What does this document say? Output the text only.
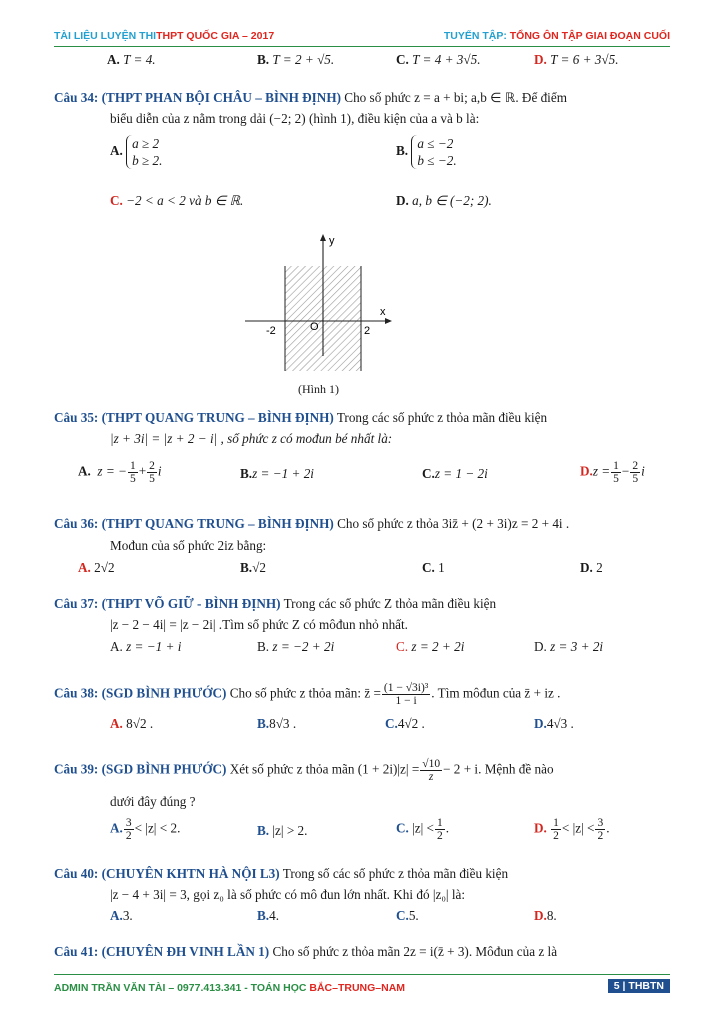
TÀI LIỆU LUYỆN THITHPT QUỐC GIA – 2017	TUYỂN TẬP: TỔNG ÔN TẬP GIAI ĐOẠN CUỐI
A. T = 4.	B. T = 2 + √5.	C. T = 4 + 3√5.	D. T = 6 + 3√5.
Câu 34: (THPT PHAN BỘI CHÂU – BÌNH ĐỊNH) Cho số phức z = a + bi; a,b ∈ ℝ. Để điểm
biểu diễn của z nằm trong dải (−2; 2) (hình 1), điều kiện của a và b là:
A. a ≥ 2
b ≥ 2.
B. a ≤ −2
b ≤ −2.
C. −2 < a < 2 và b ∈ ℝ.	D. a, b ∈ (−2; 2).
y
x
-2	O	2
(Hình 1)
Câu 35: (THPT QUANG TRUNG – BÌNH ĐỊNH) Trong các số phức z thỏa mãn điều kiện
|z + 3i| = |z + 2 − i| , số phức z có mođun bé nhất là:
A. z = − $\frac{1}{5} + \frac{2}{5}$ i	B.z = −1 + 2i	C.z = 1 − 2i	$D.z = \frac{1}{5} - \frac{2}{5}$ i
Câu 36: (THPT QUANG TRUNG – BÌNH ĐỊNH) Cho số phức z thỏa 3iz̄ + (2 + 3i)z = 2 + 4i .
Mođun của số phức 2iz bằng:
A. 2√2	B.√2	C. 1	D. 2
Câu 37: (THPT VÕ GIỮ - BÌNH ĐỊNH) Trong các số phức Z thỏa mãn điều kiện
|z − 2 − 4i| = |z − 2i| .Tìm số phức Z có môđun nhỏ nhất.
A. z = −1 + i	B. z = −2 + 2i	C. z = 2 + 2i	D. z = 3 + 2i
Câu 38: (SGD BÌNH PHƯỚC) Cho số phức z thỏa mãn: z̄ = $\frac{\text{(1 − √3i)³}}{1 - i}$ . Tìm môđun của z̄ + iz .
A. 8√2 .	B.8√3 .	C.4√2 .	D.4√3 .
Câu 39: (SGD BÌNH PHƯỚC) Xét số phức z thỏa mãn $(1 + 2i)|z| = \frac{√10}{z} - 2 + i$. Mệnh đề nào
dưới đây đúng ?
A. $\frac{3}{2} < |z| < 2$.	B. |z| > 2.	C. $|z| < \frac{1}{2}$ .	D. $\frac{1}{2} < |z| < \frac{3}{2}$ .
Câu 40: (CHUYÊN KHTN HÀ NỘI L3) Trong số các số phức z thỏa mãn điều kiện
|z − 4 + 3i| = 3, gọi z₀ là số phức có mô đun lớn nhất. Khi đó |z₀| là:
A.3.	B.4.	C.5.	D.8.
Câu 41: (CHUYÊN ĐH VINH LẦN 1) Cho số phức z thỏa mãn 2z = i(z̄ + 3). Môđun của z là
ADMIN TRẦN VĂN TÀI – 0977.413.341 - TOÁN HỌC BẮC–TRUNG–NAM	5 | THBTN
